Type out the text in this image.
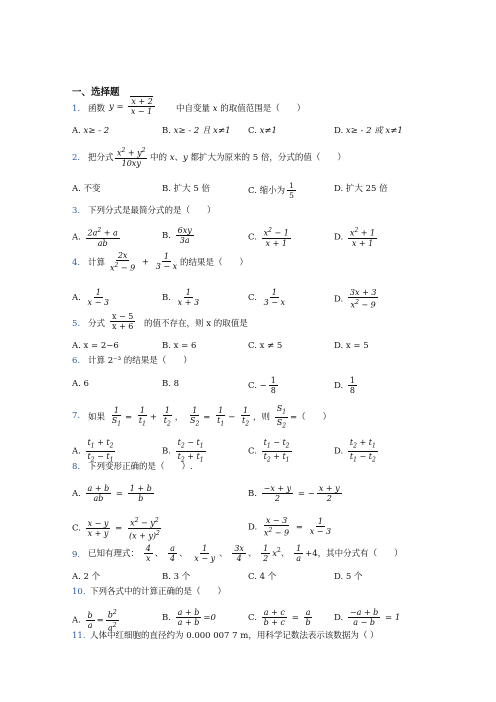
一、选择题
1. 函数 $y = \frac{x + 2}{x - 1}$	中自变量 x 的取值范围是（　　）
A. x≥ - 2	B. x≥ - 2 且 x≠1 C. x≠1	D. x≥ - 2 或 x≠1
2. 把分式 $\frac{x^2 + y^2}{10xy}$ 中的 x、y 都扩大为原来的 5 倍，分式的值（　　）
A. 不变	B. 扩大 5 倍	C. 缩小为 $\frac{1}{5}$	D. 扩大 25 倍
3. 下列分式是最简分式的是（　　）
A. $\frac{2a^2 + a}{ab}$	B. $\frac{6xy}{3a}$	C. $\frac{x^2 - 1}{x + 1}$	D. $\frac{x^2 + 1}{x + 1}$
4. 计算 $\frac{2x}{x^2 - 9} + \frac{1}{3 - x}$ 的结果是（　　）
A. $\frac{1}{x - 3}$	B. $\frac{1}{x + 3}$	C. $\frac{1}{3 - x}$	D. $\frac{3x + 3}{x^2 - 9}$
5. 分式 $\frac{x - 5}{x + 6}$ 的值不存在，则 x 的取值是
A. x = 2−6	B. x = 6	C. x ≠ 5	D. x = 5
6. 计算 2⁻³ 的结果是（　　）
A. 6	B. 8	C. − $\frac{1}{8}$	D. $\frac{1}{8}$
7. 如果 $\frac{1}{S_1} = \frac{1}{t_1} + \frac{1}{t_2}$ ， $\frac{1}{S_2} = \frac{1}{t_1} - \frac{1}{t_2}$ ，则 $\frac{S_1}{S_2}$ =（　　）
A. $\frac{t_1 + t_2}{t_2 - t_1}$	B. $\frac{t_2 - t_1}{t_2 + t_1}$	C. $\frac{t_1 - t_2}{t_2 + t_1}$	D. $\frac{t_2 + t_1}{t_1 - t_2}$
8. 下列变形正确的是（　　）.
A. $\frac{a + b}{ab} = \frac{1 + b}{b}$	B. $\frac{-x + y}{2}$ = − $\frac{x + y}{2}$
C. $\frac{x - y}{x + y} = \frac{x^2 - y^2}{(x + y)^2}$	D. $\frac{x - 3}{x^2 - 9} = \frac{1}{x - 3}$
9. 已知有理式： $\frac{4}{x}$ 、 $\frac{a}{4}$ 、 $\frac{1}{x - y}$ 、 $\frac{3x}{4}$ 、 $\frac{1}{2} x^2$、 $\frac{1}{a} +4$，其中分式有（　　）
A. 2 个	B. 3 个	C. 4 个	D. 5 个
10. 下列各式中的计算正确的是（　　）
A. $\frac{b}{a} = \frac{b^2}{a^2}$	B. $\frac{a + b}{a + b} =0$	C. $\frac{a + c}{b + c} = \frac{a}{b}$	D. $\frac{-a + b}{a - b} = 1$
11. 人体中红细胞的直径约为 0.000 007 7 m，用科学记数法表示该数据为（ ）
